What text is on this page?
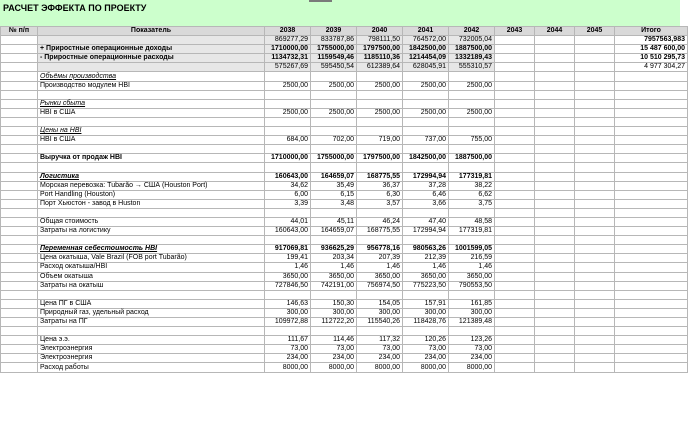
РАСЧЕТ ЭФФЕКТА ПО ПРОЕКТУ
№ п/п	Показатель	2038	2039	2040	2041	2042	2043	2044	2045	Итого
		869277,29	833787,86	798111,50	764572,00	732005,04				7957563,983
	+ Приростные операционные доходы	1710000,00	1755000,00	1797500,00	1842500,00	1887500,00				15 487 600,00
	- Приростные операционные расходы	1134732,31	1159549,46	1185110,36	1214454,09	1332189,43				10 510 295,73
		575267,69	595450,54	612389,64	628045,91	555310,57				4 977 304,27
	Объёмы производства									
	Производство модулем HBI	2500,00	2500,00	2500,00	2500,00	2500,00				

	Рынки сбыта									
	HBI в США	2500,00	2500,00	2500,00	2500,00	2500,00				

	Цены на HBI									
	HBI в США	684,00	702,00	719,00	737,00	755,00				

	Выручка от продаж HBI	1710000,00	1755000,00	1797500,00	1842500,00	1887500,00				

	Логистика	160643,00	164659,07	168775,55	172994,94	177319,81				
	Морская перевозка: Tubarão → США (Houston Port)	34,62	35,49	36,37	37,28	38,22				
	Port Handling (Houston)	6,00	6,15	6,30	6,46	6,62				
	Порт Хьюстон - завод в Huston	3,39	3,48	3,57	3,66	3,75				

	Общая стоимость	44,01	45,11	46,24	47,40	48,58				
	Затраты на логистику	160643,00	164659,07	168775,55	172994,94	177319,81				

	Переменная себестоимость HBI	917069,81	936625,29	956778,16	980563,26	1001599,05				
	Цена окатыша, Vale Brazil (FOB port Tubarão)	199,41	203,34	207,39	212,39	216,59				
	Расход окатыша/HBI	1,46	1,46	1,46	1,46	1,46				
	Объем окатыша	3650,00	3650,00	3650,00	3650,00	3650,00				
	Затраты на окатыш	727846,50	742191,00	756974,50	775223,50	790553,50				

	Цена ПГ в США	146,63	150,30	154,05	157,91	161,85				
	Природный газ, удельный расход	300,00	300,00	300,00	300,00	300,00				
	Затраты на ПГ	109972,88	112722,20	115540,26	118428,76	121389,48				

	Цена э.э.	111,67	114,46	117,32	120,26	123,26				
	Электроэнергия	73,00	73,00	73,00	73,00	73,00				
	Электроэнергия	234,00	234,00	234,00	234,00	234,00				
	Расход работы	8000,00	8000,00	8000,00	8000,00	8000,00				
